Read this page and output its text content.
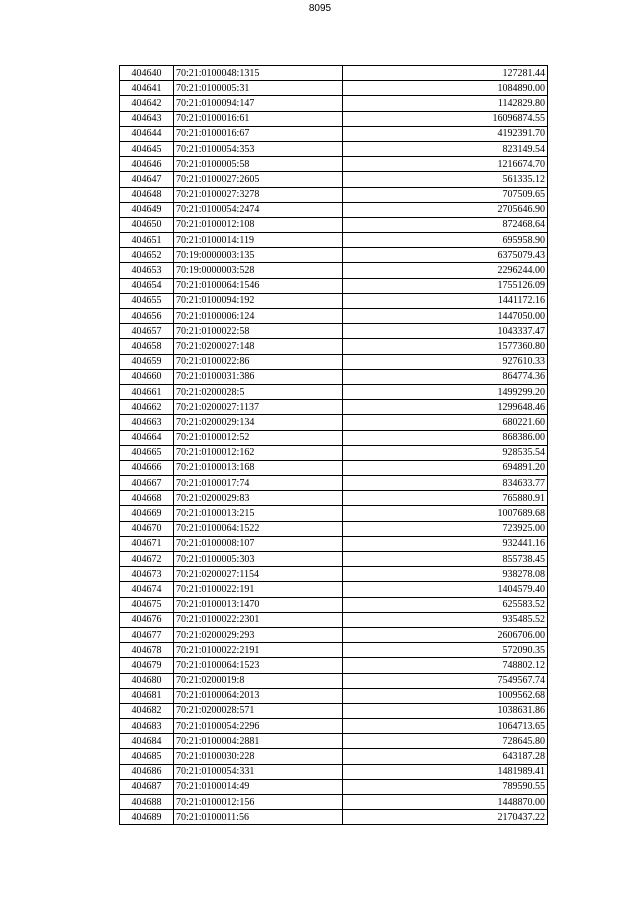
8095
404640	70:21:0100048:1315	127281.44
404641	70:21:0100005:31	1084890.00
404642	70:21:0100094:147	1142829.80
404643	70:21:0100016:61	16096874.55
404644	70:21:0100016:67	4192391.70
404645	70:21:0100054:353	823149.54
404646	70:21:0100005:58	1216674.70
404647	70:21:0100027:2605	561335.12
404648	70:21:0100027:3278	707509.65
404649	70:21:0100054:2474	2705646.90
404650	70:21:0100012:108	872468.64
404651	70:21:0100014:119	695958.90
404652	70:19:0000003:135	6375079.43
404653	70:19:0000003:528	2296244.00
404654	70:21:0100064:1546	1755126.09
404655	70:21:0100094:192	1441172.16
404656	70:21:0100006:124	1447050.00
404657	70:21:0100022:58	1043337.47
404658	70:21:0200027:148	1577360.80
404659	70:21:0100022:86	927610.33
404660	70:21:0100031:386	864774.36
404661	70:21:0200028:5	1499299.20
404662	70:21:0200027:1137	1299648.46
404663	70:21:0200029:134	680221.60
404664	70:21:0100012:52	868386.00
404665	70:21:0100012:162	928535.54
404666	70:21:0100013:168	694891.20
404667	70:21:0100017:74	834633.77
404668	70:21:0200029:83	765880.91
404669	70:21:0100013:215	1007689.68
404670	70:21:0100064:1522	723925.00
404671	70:21:0100008:107	932441.16
404672	70:21:0100005:303	855738.45
404673	70:21:0200027:1154	938278.08
404674	70:21:0100022:191	1404579.40
404675	70:21:0100013:1470	625583.52
404676	70:21:0100022:2301	935485.52
404677	70:21:0200029:293	2606706.00
404678	70:21:0100022:2191	572090.35
404679	70:21:0100064:1523	748802.12
404680	70:21:0200019:8	7549567.74
404681	70:21:0100064:2013	1009562.68
404682	70:21:0200028:571	1038631.86
404683	70:21:0100054:2296	1064713.65
404684	70:21:0100004:2881	728645.80
404685	70:21:0100030:228	643187.28
404686	70:21:0100054:331	1481989.41
404687	70:21:0100014:49	789590.55
404688	70:21:0100012:156	1448870.00
404689	70:21:0100011:56	2170437.22
